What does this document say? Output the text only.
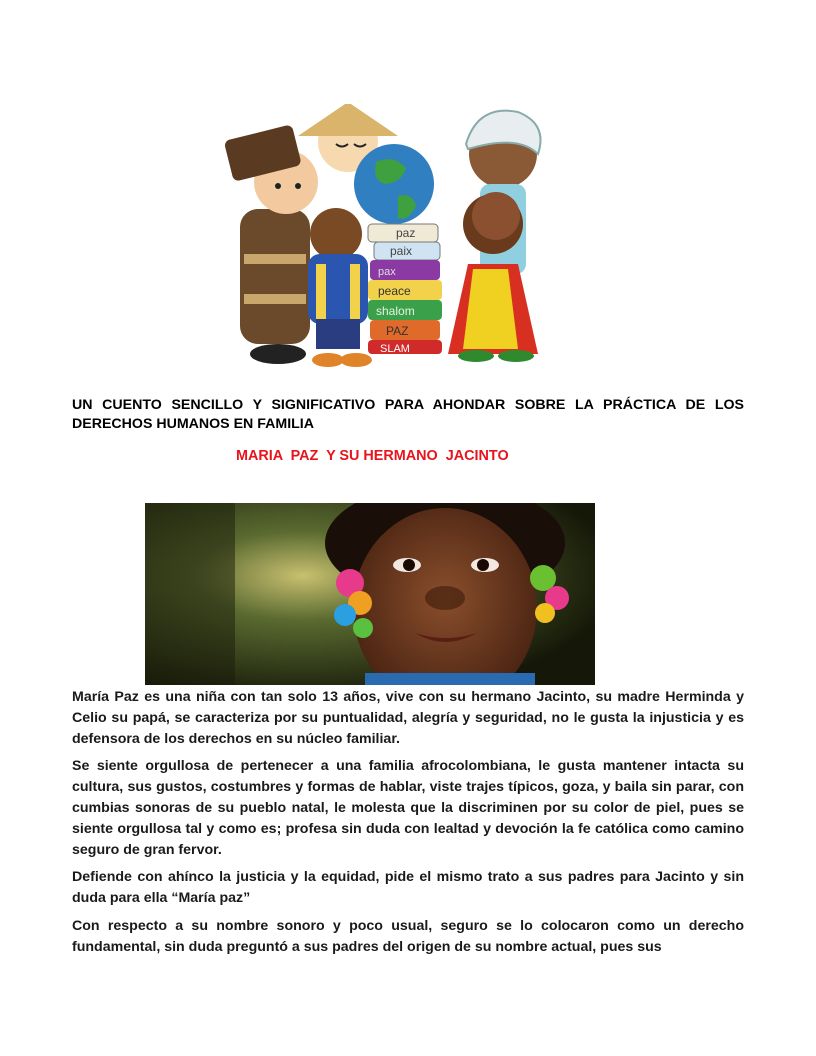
paz
paix
pax
peace
shalom
PAZ
SLAM
UN CUENTO SENCILLO Y SIGNIFICATIVO PARA AHONDAR SOBRE LA PRÁCTICA DE LOS DERECHOS HUMANOS EN FAMILIA
MARIA  PAZ  Y SU HERMANO  JACINTO

María Paz es una niña con tan solo 13 años, vive con su hermano Jacinto, su madre Herminda y Celio su papá, se caracteriza por su puntualidad, alegría y seguridad, no le gusta la injusticia y es defensora de los derechos en su núcleo familiar.

Se siente orgullosa de pertenecer a una familia afrocolombiana, le gusta mantener intacta su cultura, sus gustos, costumbres y formas de hablar, viste trajes típicos, goza, y baila sin parar, con cumbias sonoras de su pueblo natal, le molesta que la discriminen por su color de piel, pues se siente orgullosa tal y como es; profesa sin duda con lealtad y devoción la fe católica como camino seguro de gran fervor.

Defiende con ahínco la justicia y la equidad, pide el mismo trato a sus padres para Jacinto y sin duda para ella “María paz”

Con respecto a su nombre sonoro y poco usual, seguro se lo colocaron como un derecho fundamental, sin duda preguntó a sus padres del origen de su nombre actual, pues sus
